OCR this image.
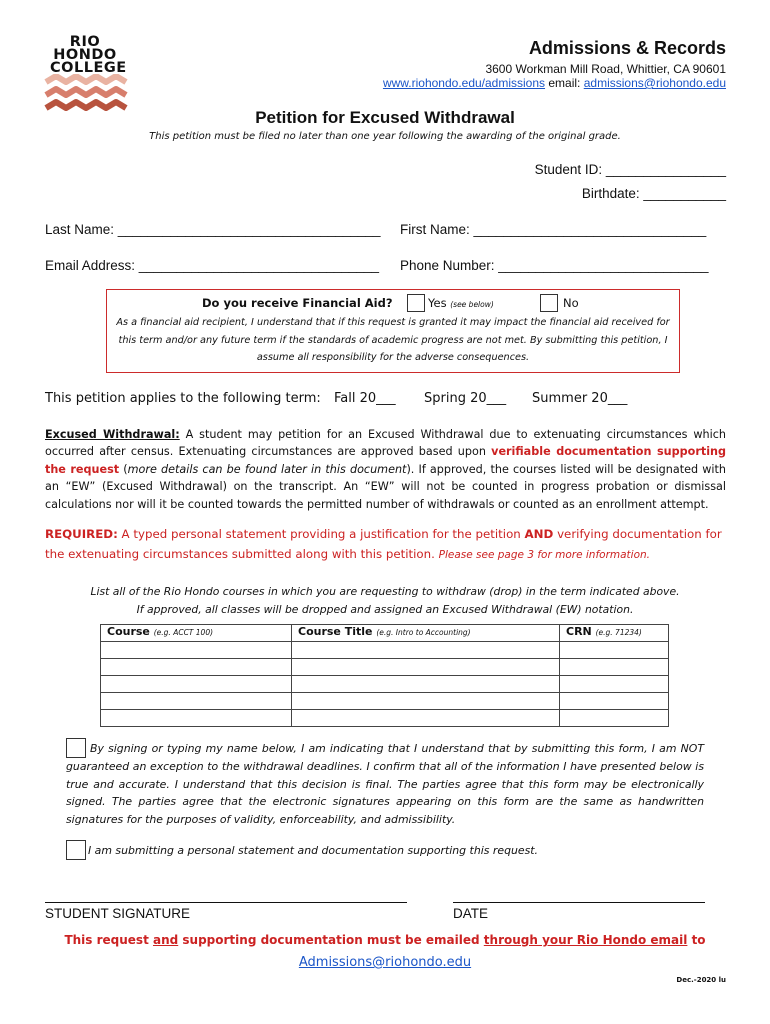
RIO
HONDO
COLLEGE
Admissions & Records
3600 Workman Mill Road, Whittier, CA 90601
www.riohondo.edu/admissions email: admissions@riohondo.edu
Petition for Excused Withdrawal
This petition must be filed no later than one year following the awarding of the original grade.
Student ID: ________________
Birthdate: ___________
Last Name: ___________________________________ First Name: _______________________________
Email Address: ________________________________ Phone Number: ____________________________
Do you receive Financial Aid?	Yes (see below)	No
As a financial aid recipient, I understand that if this request is granted it may impact the financial aid received for this term and/or any future term if the standards of academic progress are not met. By submitting this petition, I assume all responsibility for the adverse consequences.
This petition applies to the following term: Fall 20___ Spring 20___ Summer 20___
Excused Withdrawal: A student may petition for an Excused Withdrawal due to extenuating circumstances which occurred after census. Extenuating circumstances are approved based upon verifiable documentation supporting the request (more details can be found later in this document). If approved, the courses listed will be designated with an “EW” (Excused Withdrawal) on the transcript. An “EW” will not be counted in progress probation or dismissal calculations nor will it be counted towards the permitted number of withdrawals or counted as an enrollment attempt.
REQUIRED: A typed personal statement providing a justification for the petition AND verifying documentation for the extenuating circumstances submitted along with this petition. Please see page 3 for more information.
List all of the Rio Hondo courses in which you are requesting to withdraw (drop) in the term indicated above.
If approved, all classes will be dropped and assigned an Excused Withdrawal (EW) notation.
Course (e.g. ACCT 100)	Course Title (e.g. Intro to Accounting)	CRN (e.g. 71234)

By signing or typing my name below, I am indicating that I understand that by submitting this form, I am NOT guaranteed an exception to the withdrawal deadlines. I confirm that all of the information I have presented below is true and accurate. I understand that this decision is final. The parties agree that this form may be electronically signed. The parties agree that the electronic signatures appearing on this form are the same as handwritten signatures for the purposes of validity, enforceability, and admissibility.
I am submitting a personal statement and documentation supporting this request.
STUDENT SIGNATURE	DATE
This request and supporting documentation must be emailed through your Rio Hondo email to
Admissions@riohondo.edu
Dec.-2020 lu
